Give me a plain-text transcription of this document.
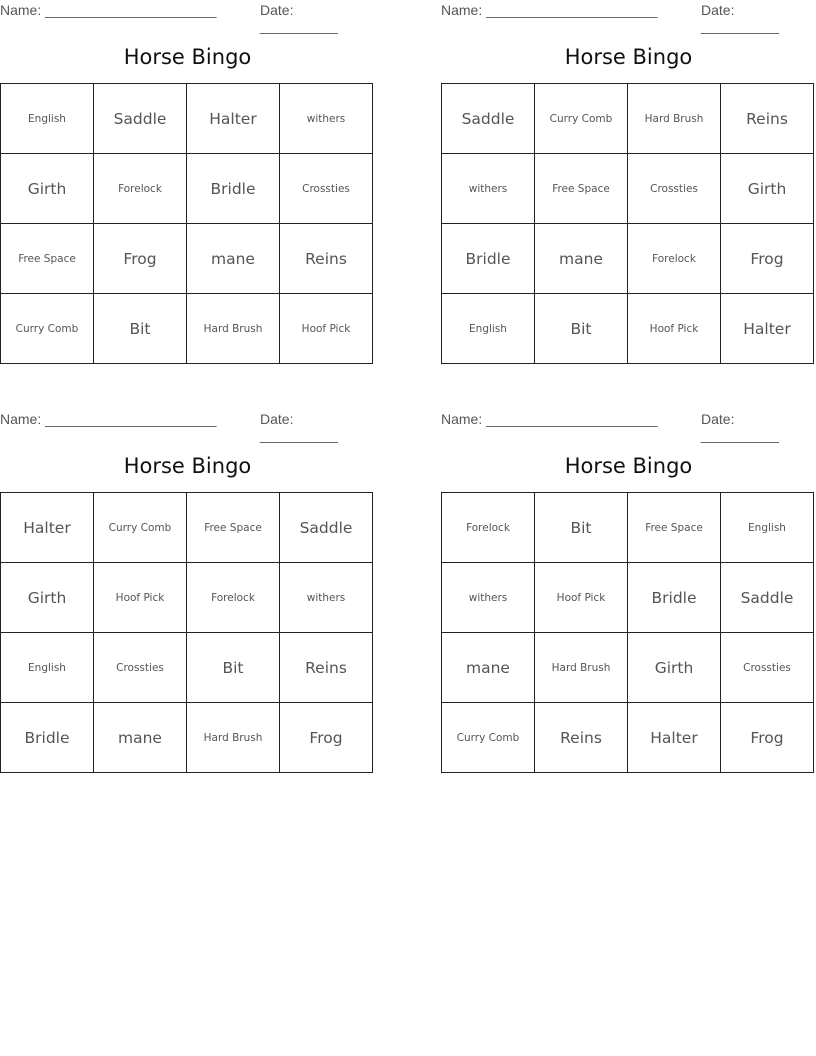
Name: ______________________	Date: __________
Horse Bingo
English	Saddle	Halter	withers
Girth	Forelock	Bridle	Crossties
Free Space	Frog	mane	Reins
Curry Comb	Bit	Hard Brush	Hoof Pick
Name: ______________________	Date: __________
Horse Bingo
Saddle	Curry Comb	Hard Brush	Reins
withers	Free Space	Crossties	Girth
Bridle	mane	Forelock	Frog
English	Bit	Hoof Pick	Halter
Name: ______________________	Date: __________
Horse Bingo
Halter	Curry Comb	Free Space	Saddle
Girth	Hoof Pick	Forelock	withers
English	Crossties	Bit	Reins
Bridle	mane	Hard Brush	Frog
Name: ______________________	Date: __________
Horse Bingo
Forelock	Bit	Free Space	English
withers	Hoof Pick	Bridle	Saddle
mane	Hard Brush	Girth	Crossties
Curry Comb	Reins	Halter	Frog
